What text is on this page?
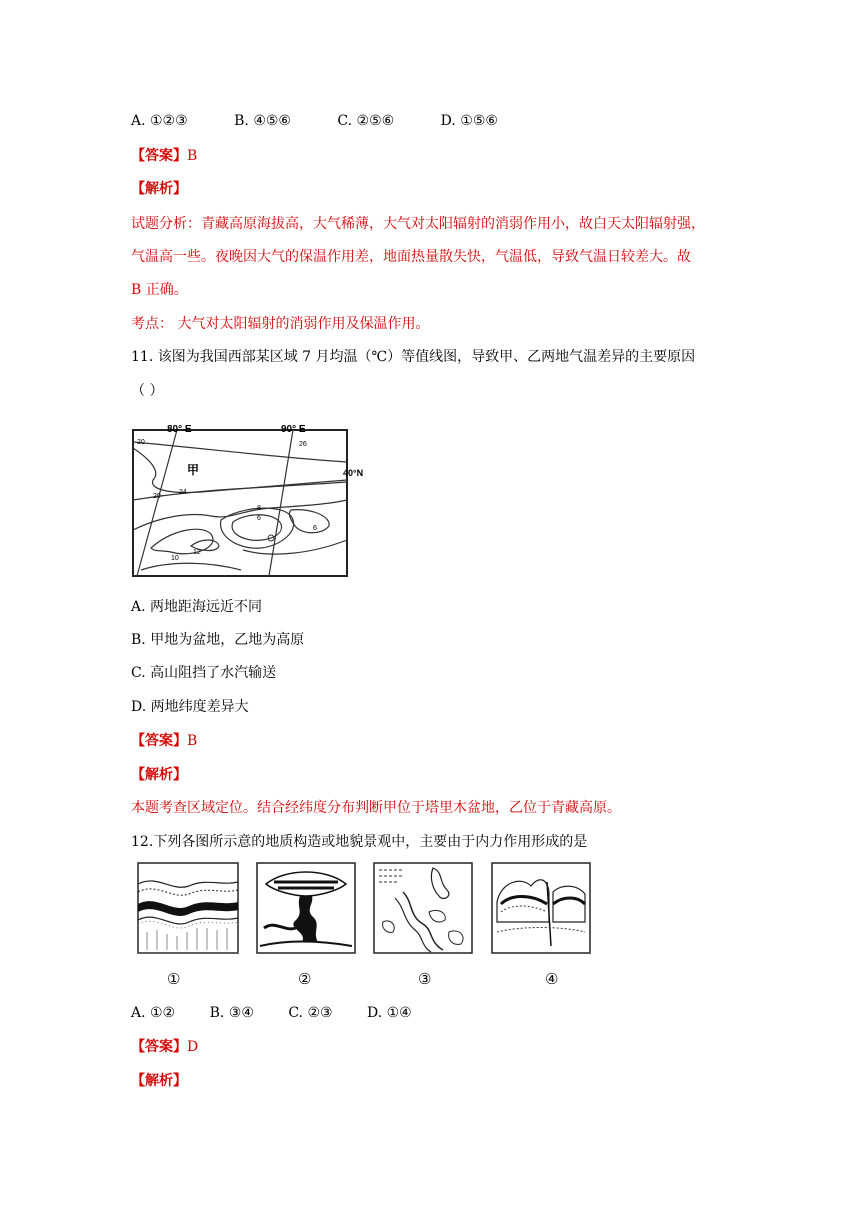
A. ①②③	B. ④⑤⑥	C. ②⑤⑥	D. ①⑤⑥
【答案】B
【解析】
试题分析：青藏高原海拔高，大气稀薄，大气对太阳辐射的消弱作用小，故白天太阳辐射强，
气温高一些。夜晚因大气的保温作用差，地面热量散失快，气温低，导致气温日较差大。故
B 正确。
考点： 大气对太阳辐射的消弱作用及保温作用。
11. 该图为我国西部某区域 7 月均温（℃）等值线图，导致甲、乙两地气温差异的主要原因
（ ）
80° E	90° E
40°N
甲
20	26
20
24
8
6
6
12
10
A. 两地距海远近不同
B. 甲地为盆地，乙地为高原
C. 高山阻挡了水汽输送
D. 两地纬度差异大
【答案】B
【解析】
本题考查区域定位。结合经纬度分布判断甲位于塔里木盆地，乙位于青藏高原。
12.下列各图所示意的地质构造或地貌景观中，主要由于内力作用形成的是
①	②	③	④
A. ①② B. ③④ C. ②③ D. ①④
【答案】D
【解析】
